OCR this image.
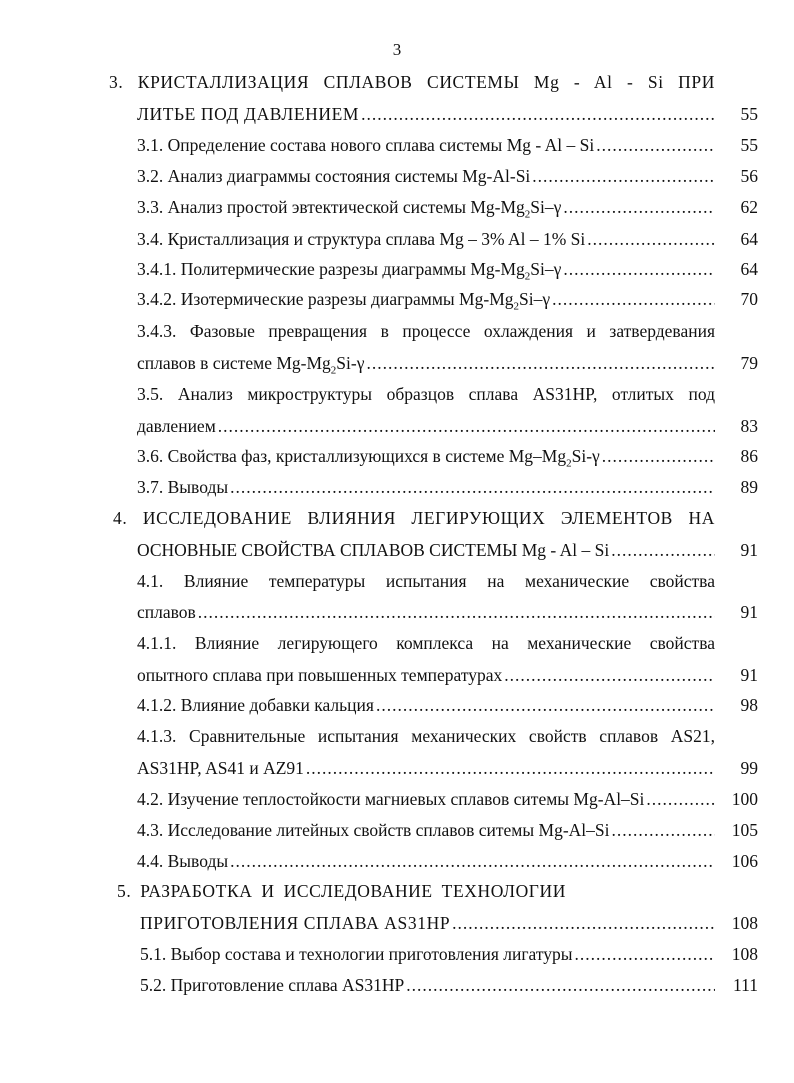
3
3. КРИСТАЛЛИЗАЦИЯ СПЛАВОВ СИСТЕМЫ Mg - Al - Si ПРИ
ЛИТЬЕ ПОД ДАВЛЕНИЕМ .....	55
3.1. Определение состава нового сплава системы Mg - Al – Si .....	55
3.2. Анализ диаграммы состояния системы Mg-Al-Si .....	56
3.3. Анализ простой эвтектической системы $Mg-Mg_2Si-\gamma$ .....	62
3.4. Кристаллизация и структура сплава Mg – 3% Al – 1% Si .....	64
3.4.1. Политермические разрезы диаграммы $Mg-Mg_2Si-\gamma$ .....	64
3.4.2. Изотермические разрезы диаграммы $Mg-Mg_2Si-\gamma$ .....	70
3.4.3. Фазовые превращения в процессе охлаждения и затвердевания
сплавов в системе $Mg-Mg_2Si-\gamma$ .....	79
3.5. Анализ микроструктуры образцов сплава AS31HP, отлитых под
давлением .....	83
3.6. Свойства фаз, кристаллизующихся в системе $Mg-Mg_2Si-\gamma$ .....	86
3.7. Выводы .....	89
4. ИССЛЕДОВАНИЕ ВЛИЯНИЯ ЛЕГИРУЮЩИХ ЭЛЕМЕНТОВ НА
ОСНОВНЫЕ СВОЙСТВА СПЛАВОВ СИСТЕМЫ Mg - Al – Si .....	91
4.1. Влияние температуры испытания на механические свойства
сплавов .....	91
4.1.1. Влияние легирующего комплекса на механические свойства
опытного сплава при повышенных температурах .....	91
4.1.2. Влияние добавки кальция .....	98
4.1.3. Сравнительные испытания механических свойств сплавов AS21,
AS31HP, AS41 и AZ91 .....	99
4.2. Изучение теплостойкости магниевых сплавов ситемы Mg-Al–Si .....	100
4.3. Исследование литейных свойств сплавов ситемы Mg-Al–Si .....	105
4.4. Выводы .....	106
5. РАЗРАБОТКА И ИССЛЕДОВАНИЕ ТЕХНОЛОГИИ
ПРИГОТОВЛЕНИЯ СПЛАВА AS31HP .....	108
5.1. Выбор состава и технологии приготовления лигатуры .....	108
5.2. Приготовление сплава AS31HP .....	111
